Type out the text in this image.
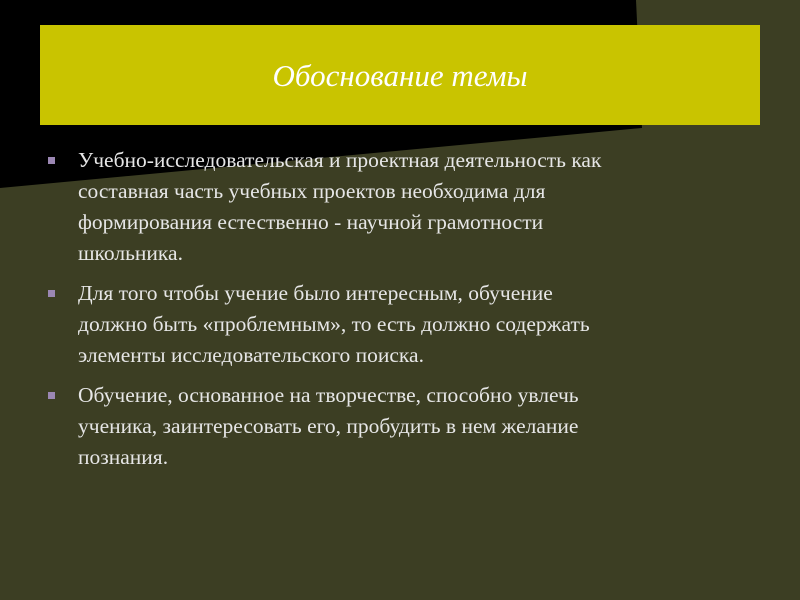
Обоснование темы
Учебно-исследовательская и проектная деятельность как
составная часть учебных проектов необходима для
формирования естественно - научной грамотности
школьника.
Для того чтобы учение было интересным, обучение
должно быть «проблемным», то есть должно содержать
элементы исследовательского поиска.
Обучение, основанное на творчестве, способно увлечь
ученика, заинтересовать его, пробудить в нем желание
познания.
